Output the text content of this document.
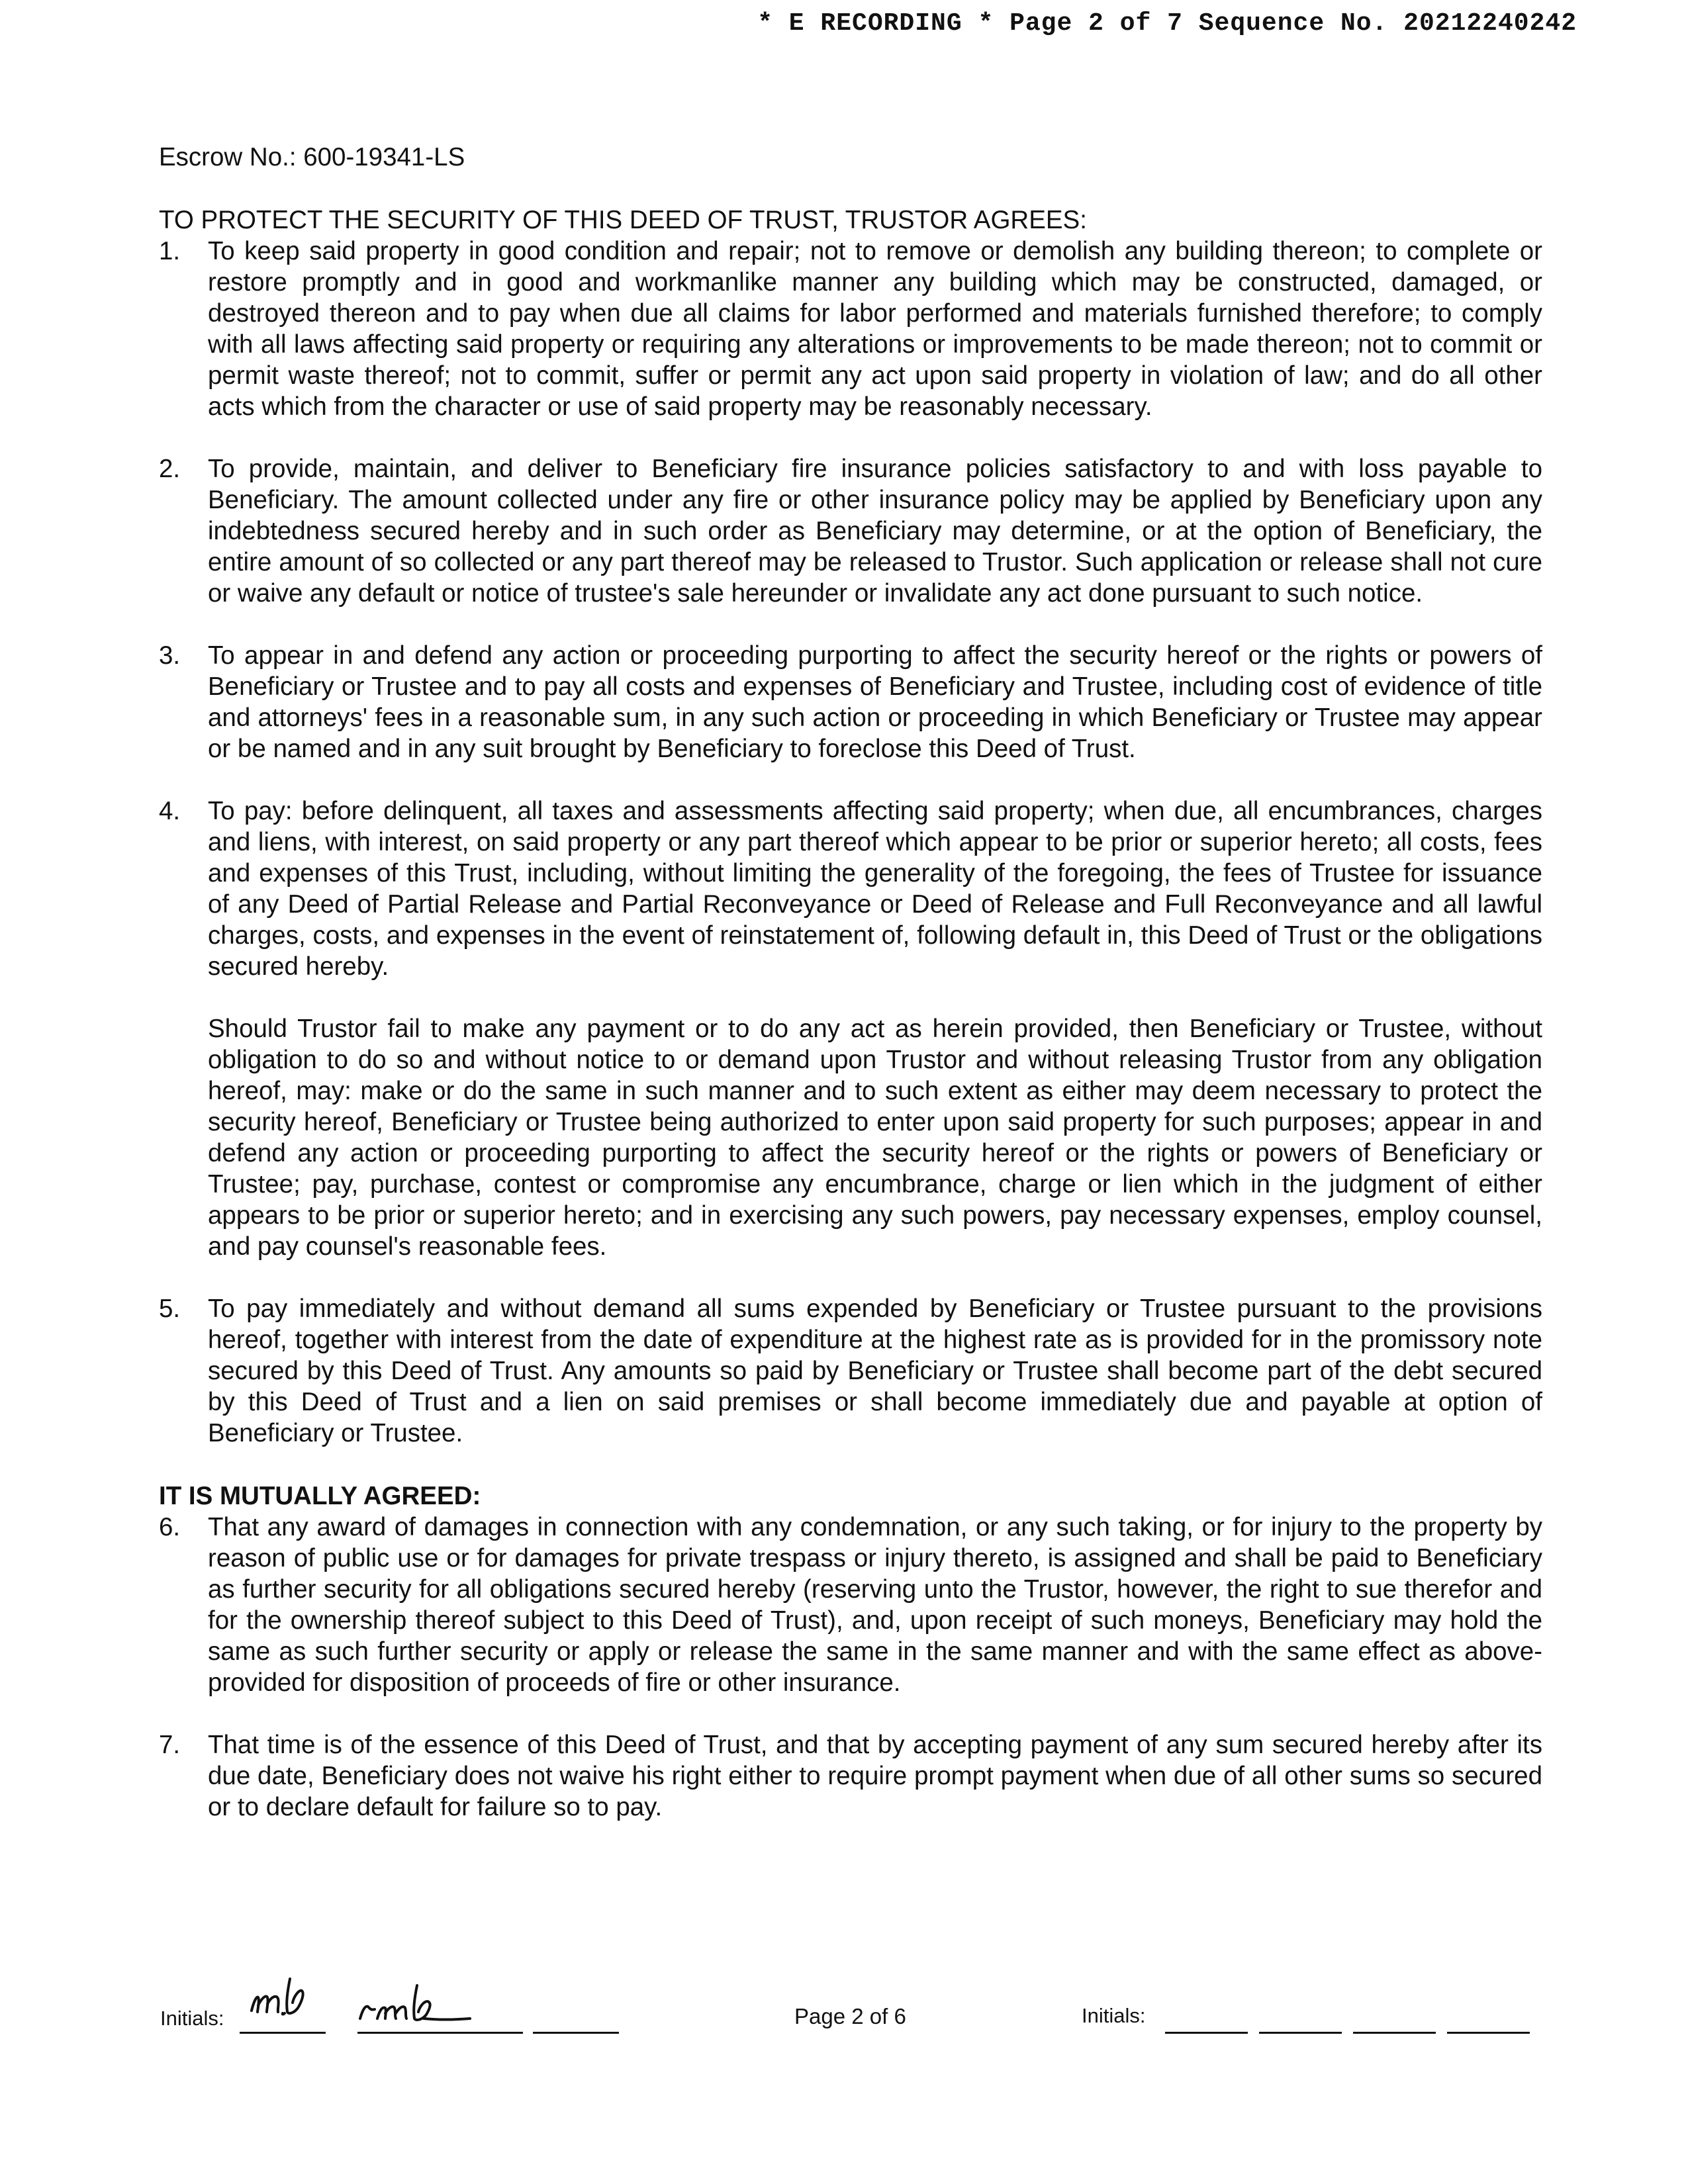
* E RECORDING * Page 2 of 7 Sequence No. 20212240242

Escrow No.: 600-19341-LS

TO PROTECT THE SECURITY OF THIS DEED OF TRUST, TRUSTOR AGREES:

1.	To keep said property in good condition and repair; not to remove or demolish any building thereon; to complete or restore promptly and in good and workmanlike manner any building which may be constructed, damaged, or destroyed thereon and to pay when due all claims for labor performed and materials furnished therefore; to comply with all laws affecting said property or requiring any alterations or improvements to be made thereon; not to commit or permit waste thereof; not to commit, suffer or permit any act upon said property in violation of law; and do all other acts which from the character or use of said property may be reasonably necessary.

2.	To provide, maintain, and deliver to Beneficiary fire insurance policies satisfactory to and with loss payable to Beneficiary. The amount collected under any fire or other insurance policy may be applied by Beneficiary upon any indebtedness secured hereby and in such order as Beneficiary may determine, or at the option of Beneficiary, the entire amount of so collected or any part thereof may be released to Trustor. Such application or release shall not cure or waive any default or notice of trustee's sale hereunder or invalidate any act done pursuant to such notice.

3.	To appear in and defend any action or proceeding purporting to affect the security hereof or the rights or powers of Beneficiary or Trustee and to pay all costs and expenses of Beneficiary and Trustee, including cost of evidence of title and attorneys' fees in a reasonable sum, in any such action or proceeding in which Beneficiary or Trustee may appear or be named and in any suit brought by Beneficiary to foreclose this Deed of Trust.

4.	To pay: before delinquent, all taxes and assessments affecting said property; when due, all encumbrances, charges and liens, with interest, on said property or any part thereof which appear to be prior or superior hereto; all costs, fees and expenses of this Trust, including, without limiting the generality of the foregoing, the fees of Trustee for issuance of any Deed of Partial Release and Partial Reconveyance or Deed of Release and Full Reconveyance and all lawful charges, costs, and expenses in the event of reinstatement of, following default in, this Deed of Trust or the obligations secured hereby.

Should Trustor fail to make any payment or to do any act as herein provided, then Beneficiary or Trustee, without obligation to do so and without notice to or demand upon Trustor and without releasing Trustor from any obligation hereof, may: make or do the same in such manner and to such extent as either may deem necessary to protect the security hereof, Beneficiary or Trustee being authorized to enter upon said property for such purposes; appear in and defend any action or proceeding purporting to affect the security hereof or the rights or powers of Beneficiary or Trustee; pay, purchase, contest or compromise any encumbrance, charge or lien which in the judgment of either appears to be prior or superior hereto; and in exercising any such powers, pay necessary expenses, employ counsel, and pay counsel's reasonable fees.

5.	To pay immediately and without demand all sums expended by Beneficiary or Trustee pursuant to the provisions hereof, together with interest from the date of expenditure at the highest rate as is provided for in the promissory note secured by this Deed of Trust. Any amounts so paid by Beneficiary or Trustee shall become part of the debt secured by this Deed of Trust and a lien on said premises or shall become immediately due and payable at option of Beneficiary or Trustee.

IT IS MUTUALLY AGREED:

6.	That any award of damages in connection with any condemnation, or any such taking, or for injury to the property by reason of public use or for damages for private trespass or injury thereto, is assigned and shall be paid to Beneficiary as further security for all obligations secured hereby (reserving unto the Trustor, however, the right to sue therefor and for the ownership thereof subject to this Deed of Trust), and, upon receipt of such moneys, Beneficiary may hold the same as such further security or apply or release the same in the same manner and with the same effect as above-provided for disposition of proceeds of fire or other insurance.

7.	That time is of the essence of this Deed of Trust, and that by accepting payment of any sum secured hereby after its due date, Beneficiary does not waive his right either to require prompt payment when due of all other sums so secured or to declare default for failure so to pay.

Initials:	Page 2 of 6	Initials:
